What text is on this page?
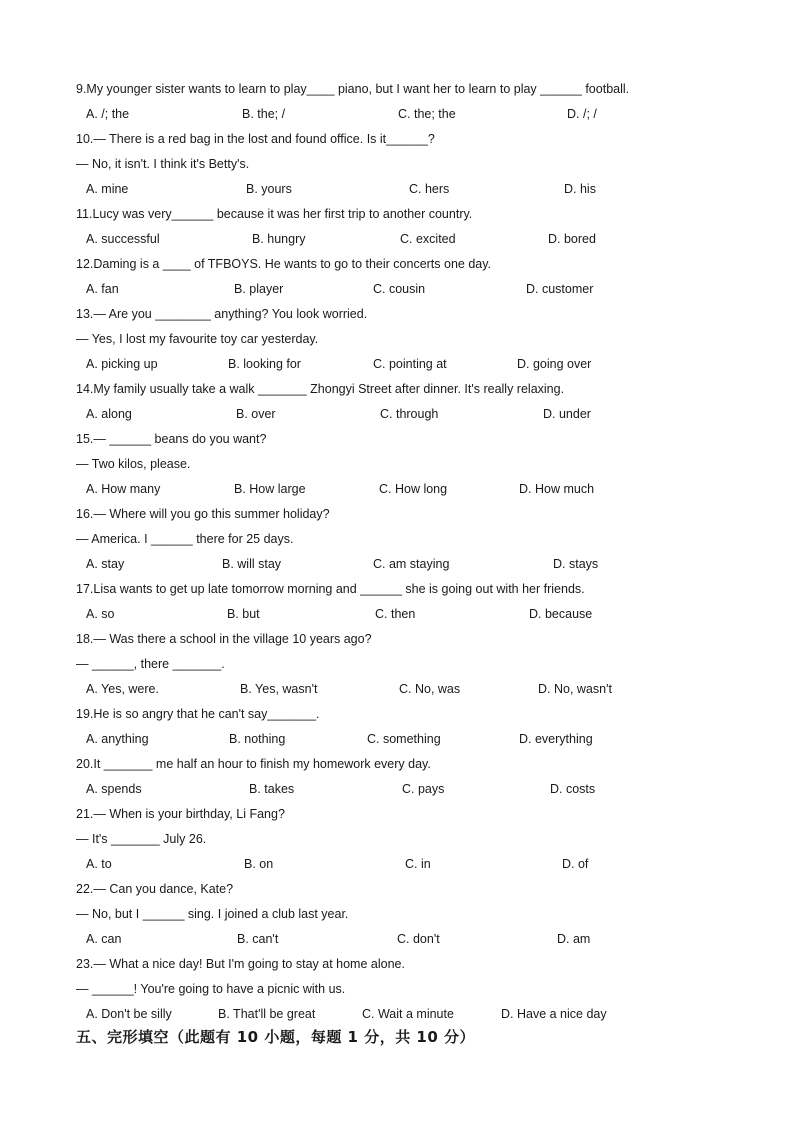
9.My younger sister wants to learn to play____ piano, but I want her to learn to play ______ football.
A. /; the	B. the; /	C. the; the	D. /; /
10.— There is a red bag in the lost and found office. Is it______?
— No, it isn't. I think it's Betty's.
A. mine	B. yours	C. hers	D. his
11.Lucy was very______ because it was her first trip to another country.
A. successful	B. hungry	C. excited	D. bored
12.Daming is a ____ of TFBOYS. He wants to go to their concerts one day.
A. fan	B. player	C. cousin	D. customer
13.— Are you ________ anything? You look worried.
— Yes, I lost my favourite toy car yesterday.
A. picking up	B. looking for	C. pointing at	D. going over
14.My family usually take a walk _______ Zhongyi Street after dinner. It's really relaxing.
A. along	B. over	C. through	D. under
15.— ______ beans do you want?
— Two kilos, please.
A. How many	B. How large	C. How long	D. How much
16.— Where will you go this summer holiday?
— America. I ______ there for 25 days.
A. stay	B. will stay	C. am staying	D. stays
17.Lisa wants to get up late tomorrow morning and ______ she is going out with her friends.
A. so	B. but	C. then	D. because
18.— Was there a school in the village 10 years ago?
— ______, there _______.
A. Yes, were.	B. Yes, wasn't	C. No, was	D. No, wasn't
19.He is so angry that he can't say_______.
A. anything	B. nothing	C. something	D. everything
20.It _______ me half an hour to finish my homework every day.
A. spends	B. takes	C. pays	D. costs
21.— When is your birthday, Li Fang?
— It's _______ July 26.
A. to	B. on	C. in	D. of
22.— Can you dance, Kate?
— No, but I ______ sing. I joined a club last year.
A. can	B. can't	C. don't	D. am
23.— What a nice day! But I'm going to stay at home alone.
— ______! You're going to have a picnic with us.
A. Don't be silly	B. That'll be great	C. Wait a minute	D. Have a nice day
五、完形填空（此题有 10 小题，每题 1 分，共 10 分）
